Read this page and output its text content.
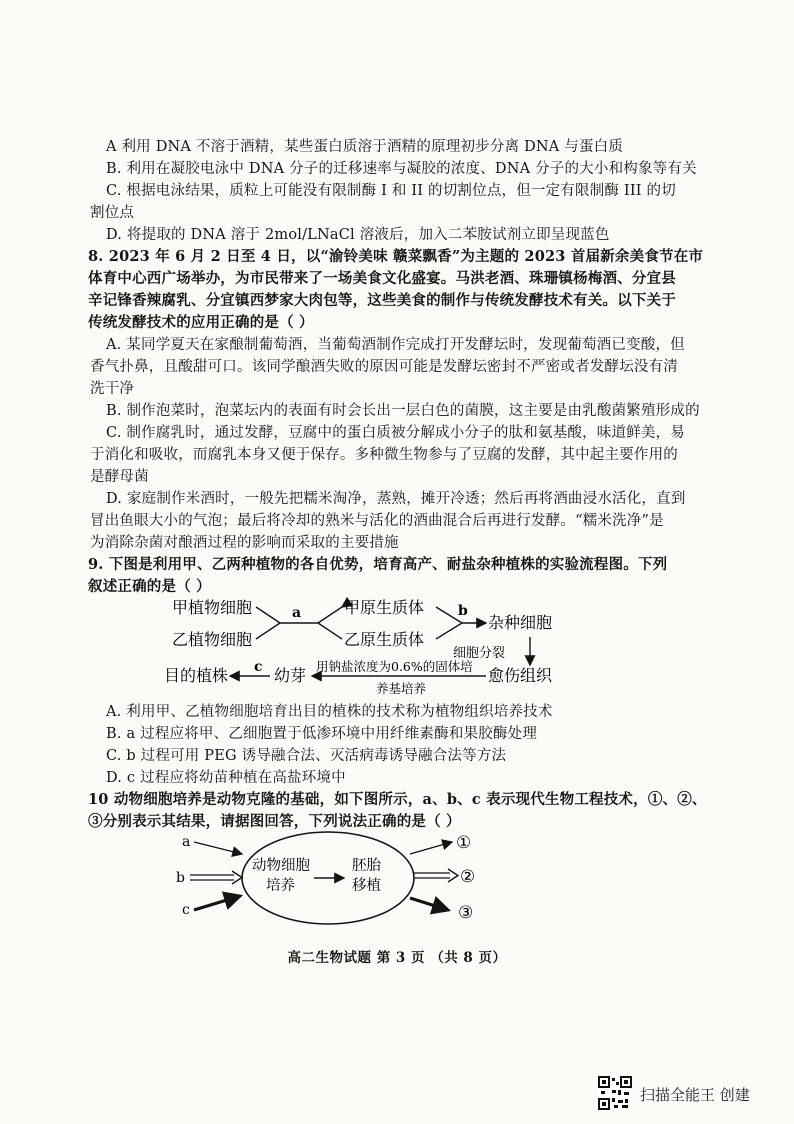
A 利用 DNA 不溶于酒精，某些蛋白质溶于酒精的原理初步分离 DNA 与蛋白质
B. 利用在凝胶电泳中 DNA 分子的迁移速率与凝胶的浓度、DNA 分子的大小和构象等有关
C. 根据电泳结果，质粒上可能没有限制酶 I 和 II 的切割位点，但一定有限制酶 III 的切
割位点
D. 将提取的 DNA 溶于 2mol/LNaCl 溶液后，加入二苯胺试剂立即呈现蓝色
8. 2023 年 6 月 2 日至 4 日，以“渝铃美味 赣菜飘香”为主题的 2023 首届新余美食节在市
体育中心西广场举办，为市民带来了一场美食文化盛宴。马洪老酒、珠珊镇杨梅酒、分宜县
辛记锋香辣腐乳、分宜镇西梦家大肉包等，这些美食的制作与传统发酵技术有关。以下关于
传统发酵技术的应用正确的是（ ）
A. 某同学夏天在家酿制葡萄酒，当葡萄酒制作完成打开发酵坛时，发现葡萄酒已变酸，但
香气扑鼻，且酸甜可口。该同学酿酒失败的原因可能是发酵坛密封不严密或者发酵坛没有清
洗干净
B. 制作泡菜时，泡菜坛内的表面有时会长出一层白色的菌膜，这主要是由乳酸菌繁殖形成的
C. 制作腐乳时，通过发酵，豆腐中的蛋白质被分解成小分子的肽和氨基酸，味道鲜美，易
于消化和吸收，而腐乳本身又便于保存。多种微生物参与了豆腐的发酵，其中起主要作用的
是酵母菌
D. 家庭制作米酒时，一般先把糯米淘净，蒸熟，摊开冷透；然后再将酒曲浸水活化，直到
冒出鱼眼大小的气泡；最后将冷却的熟米与活化的酒曲混合后再进行发酵。“糯米洗净”是
为消除杂菌对酿酒过程的影响而采取的主要措施
9. 下图是利用甲、乙两种植物的各自优势，培育高产、耐盐杂种植株的实验流程图。下列
叙述正确的是（ ）
甲植物细胞
乙植物细胞
a	甲原生质体
乙原生质体
b
杂种细胞
细胞分裂
愈伤组织
用钠盐浓度为0.6%的固体培
养基培养
幼芽
c
目的植株
A. 利用甲、乙植物细胞培育出目的植株的技术称为植物组织培养技术
B. a 过程应将甲、乙细胞置于低渗环境中用纤维素酶和果胶酶处理
C. b 过程可用 PEG 诱导融合法、灭活病毒诱导融合法等方法
D. c 过程应将幼苗种植在高盐环境中
10 动物细胞培养是动物克隆的基础，如下图所示，a、b、c 表示现代生物工程技术，①、②、
③分别表示其结果，请据图回答，下列说法正确的是（ ）
a
b
c
动物细胞
培养
胚胎
移植
①
②
③
高二生物试题 第 3 页 （共 8 页）
扫描全能王 创建
